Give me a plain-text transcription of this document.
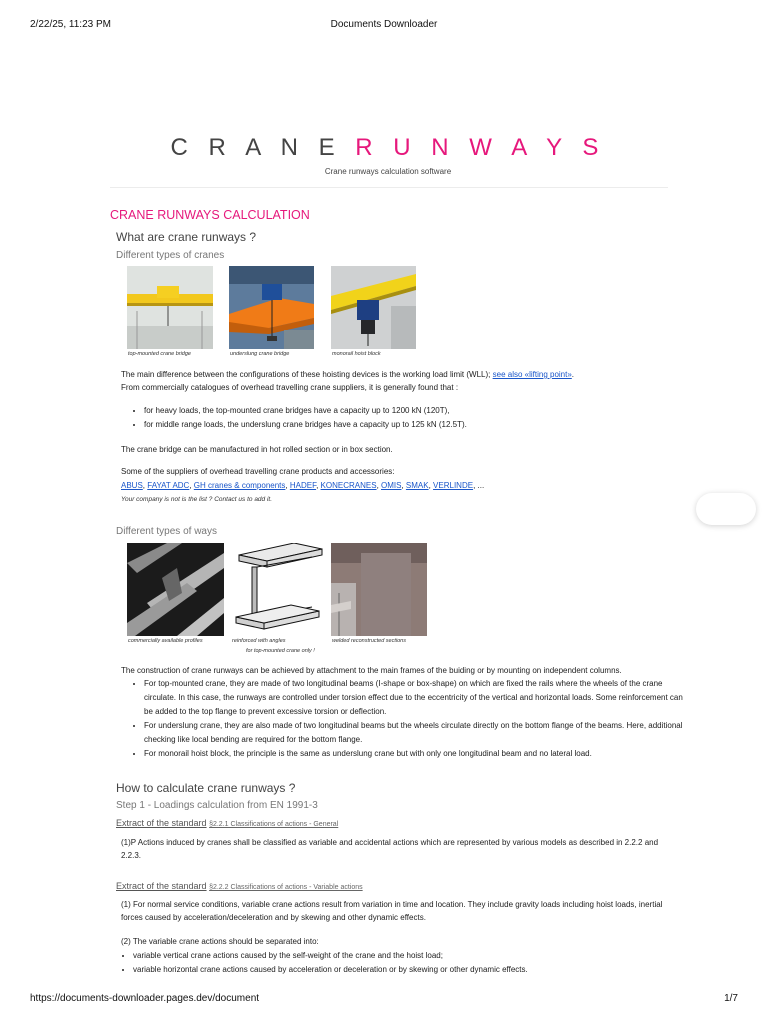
2/22/25, 11:23 PM	Documents Downloader
C R A N E R U N W A Y S
Crane runways calculation software
CRANE RUNWAYS CALCULATION
What are crane runways ?
Different types of cranes
top-mounted crane bridge	underslung crane bridge	monorail hoist block
The main difference between the configurations of these hoisting devices is the working load limit (WLL); see also «lifting point».
From commercially catalogues of overhead travelling crane suppliers, it is generally found that :
• for heavy loads, the top-mounted crane bridges have a capacity up to 1200 kN (120T),
• for middle range loads, the underslung crane bridges have a capacity up to 125 kN (12.5T).
The crane bridge can be manufactured in hot rolled section or in box section.
Some of the suppliers of overhead travelling crane products and accessories:
ABUS, FAYAT ADC, GH cranes & components, HADEF, KONECRANES, OMIS, SMAK, VERLINDE, ...
Your company is not is the list ? Contact us to add it.
Different types of ways
commercially available profiles	reinforced with angles	welded reconstructed sections
for top-mounted crane only !
The construction of crane runways can be achieved by attachment to the main frames of the buiding or by mounting on independent columns.
• For top-mounted crane, they are made of two longitudinal beams (I-shape or box-shape) on which are fixed the rails where the wheels of the crane circulate. In this case, the runways are controlled under torsion effect due to the eccentricity of the vertical and horizontal loads. Some reinforcement can be added to the top flange to prevent excessive torsion or deflection.
• For underslung crane, they are also made of two longitudinal beams but the wheels circulate directly on the bottom flange of the beams. Here, additional checking like local bending are required for the bottom flange.
• For monorail hoist block, the principle is the same as underslung crane but with only one longitudinal beam and no lateral load.
How to calculate crane runways ?
Step 1 - Loadings calculation from EN 1991-3
Extract of the standard §2.2.1 Classifications of actions - General
(1)P Actions induced by cranes shall be classified as variable and accidental actions which are represented by various models as described in 2.2.2 and 2.2.3.
Extract of the standard §2.2.2 Classifications of actions - Variable actions
(1) For normal service conditions, variable crane actions result from variation in time and location. They include gravity loads including hoist loads, inertial forces caused by acceleration/deceleration and by skewing and other dynamic effects.
(2) The variable crane actions should be separated into:
• variable vertical crane actions caused by the self-weight of the crane and the hoist load;
• variable horizontal crane actions caused by acceleration or deceleration or by skewing or other dynamic effects.
https://documents-downloader.pages.dev/document	1/7
